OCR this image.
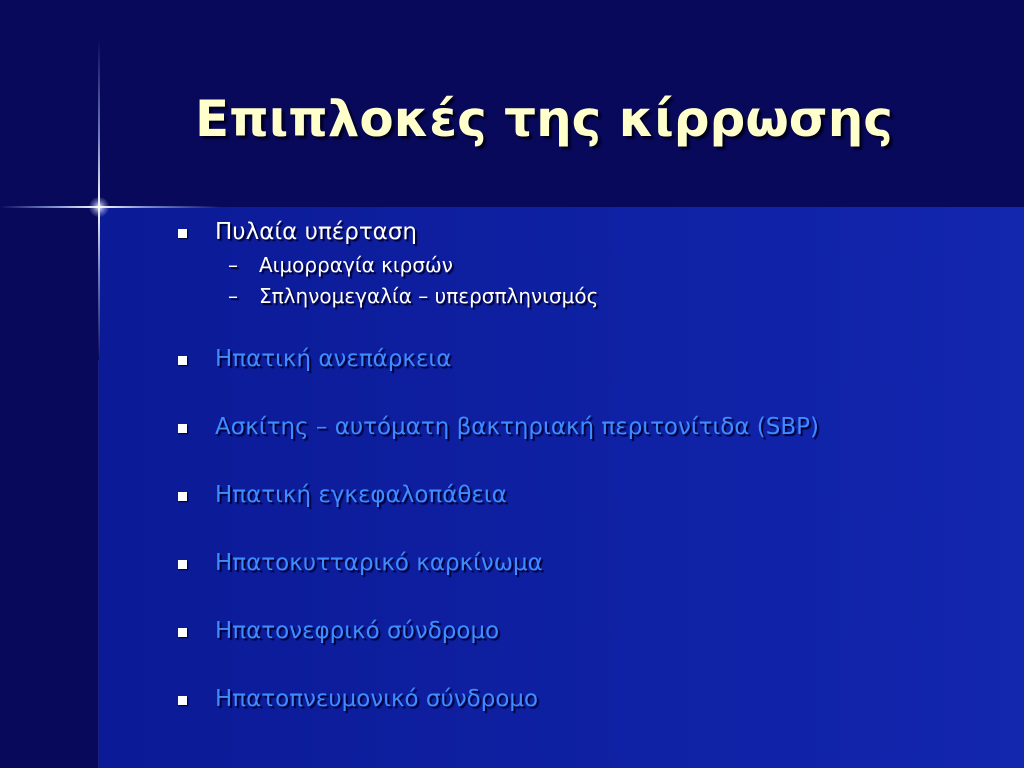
Επιπλοκές της κίρρωσης
Πυλαία υπέρταση
– Αιμορραγία κιρσών
– Σπληνομεγαλία – υπερσπληνισμός
Ηπατική ανεπάρκεια
Ασκίτης – αυτόματη βακτηριακή περιτονίτιδα (SBP)
Ηπατική εγκεφαλοπάθεια
Ηπατοκυτταρικό καρκίνωμα
Ηπατονεφρικό σύνδρομο
Ηπατοπνευμονικό σύνδρομο
